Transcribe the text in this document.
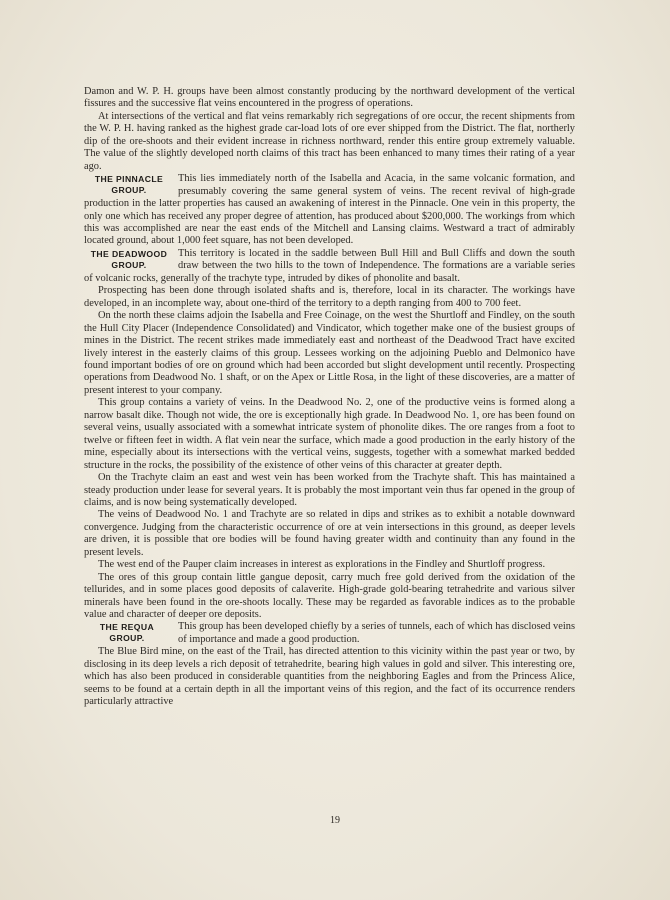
Damon and W. P. H. groups have been almost constantly producing by the northward development of the vertical fissures and the successive flat veins encountered in the progress of operations.

At intersections of the vertical and flat veins remarkably rich segregations of ore occur, the recent shipments from the W. P. H. having ranked as the highest grade car-load lots of ore ever shipped from the District. The flat, northerly dip of the ore-shoots and their evident increase in richness northward, render this entire group extremely valuable. The value of the slightly developed north claims of this tract has been enhanced to many times their rating of a year ago.

THE PINNACLE
GROUP.

This lies immediately north of the Isabella and Acacia, in the same volcanic formation, and presumably covering the same general system of veins. The recent revival of high-grade production in the latter properties has caused an awakening of interest in the Pinnacle. One vein in this property, the only one which has received any proper degree of attention, has produced about $200,000. The workings from which this was accomplished are near the east ends of the Mitchell and Lansing claims. Westward a tract of admirably located ground, about 1,000 feet square, has not been developed.

THE DEADWOOD
GROUP.

This territory is located in the saddle between Bull Hill and Bull Cliffs and down the south draw between the two hills to the town of Independence. The formations are a variable series of volcanic rocks, generally of the trachyte type, intruded by dikes of phonolite and basalt.

Prospecting has been done through isolated shafts and is, therefore, local in its character. The workings have developed, in an incomplete way, about one-third of the territory to a depth ranging from 400 to 700 feet.

On the north these claims adjoin the Isabella and Free Coinage, on the west the Shurtloff and Findley, on the south the Hull City Placer (Independence Consolidated) and Vindicator, which together make one of the busiest groups of mines in the District. The recent strikes made immediately east and northeast of the Deadwood Tract have excited lively interest in the easterly claims of this group. Lessees working on the adjoining Pueblo and Delmonico have found important bodies of ore on ground which had been accorded but slight development until recently. Prospecting operations from Deadwood No. 1 shaft, or on the Apex or Little Rosa, in the light of these discoveries, are a matter of present interest to your company.

This group contains a variety of veins. In the Deadwood No. 2, one of the productive veins is formed along a narrow basalt dike. Though not wide, the ore is exceptionally high grade. In Deadwood No. 1, ore has been found on several veins, usually associated with a somewhat intricate system of phonolite dikes. The ore ranges from a foot to twelve or fifteen feet in width. A flat vein near the surface, which made a good production in the early history of the mine, especially about its intersections with the vertical veins, suggests, together with a somewhat marked bedded structure in the rocks, the possibility of the existence of other veins of this character at greater depth.

On the Trachyte claim an east and west vein has been worked from the Trachyte shaft. This has maintained a steady production under lease for several years. It is probably the most important vein thus far opened in the group of claims, and is now being systematically developed.

The veins of Deadwood No. 1 and Trachyte are so related in dips and strikes as to exhibit a notable downward convergence. Judging from the characteristic occurrence of ore at vein intersections in this ground, as deeper levels are driven, it is possible that ore bodies will be found having greater width and continuity than any found in the present levels.

The west end of the Pauper claim increases in interest as explorations in the Findley and Shurtloff progress.

The ores of this group contain little gangue deposit, carry much free gold derived from the oxidation of the tellurides, and in some places good deposits of calaverite. High-grade gold-bearing tetrahedrite and various silver minerals have been found in the ore-shoots locally. These may be regarded as favorable indices as to the probable value and character of deeper ore deposits.

THE REQUA
GROUP.

This group has been developed chiefly by a series of tunnels, each of which has disclosed veins of importance and made a good production.

The Blue Bird mine, on the east of the Trail, has directed attention to this vicinity within the past year or two, by disclosing in its deep levels a rich deposit of tetrahedrite, bearing high values in gold and silver. This interesting ore, which has also been produced in considerable quantities from the neighboring Eagles and from the Princess Alice, seems to be found at a certain depth in all the important veins of this region, and the fact of its occurrence renders particularly attractive

19
